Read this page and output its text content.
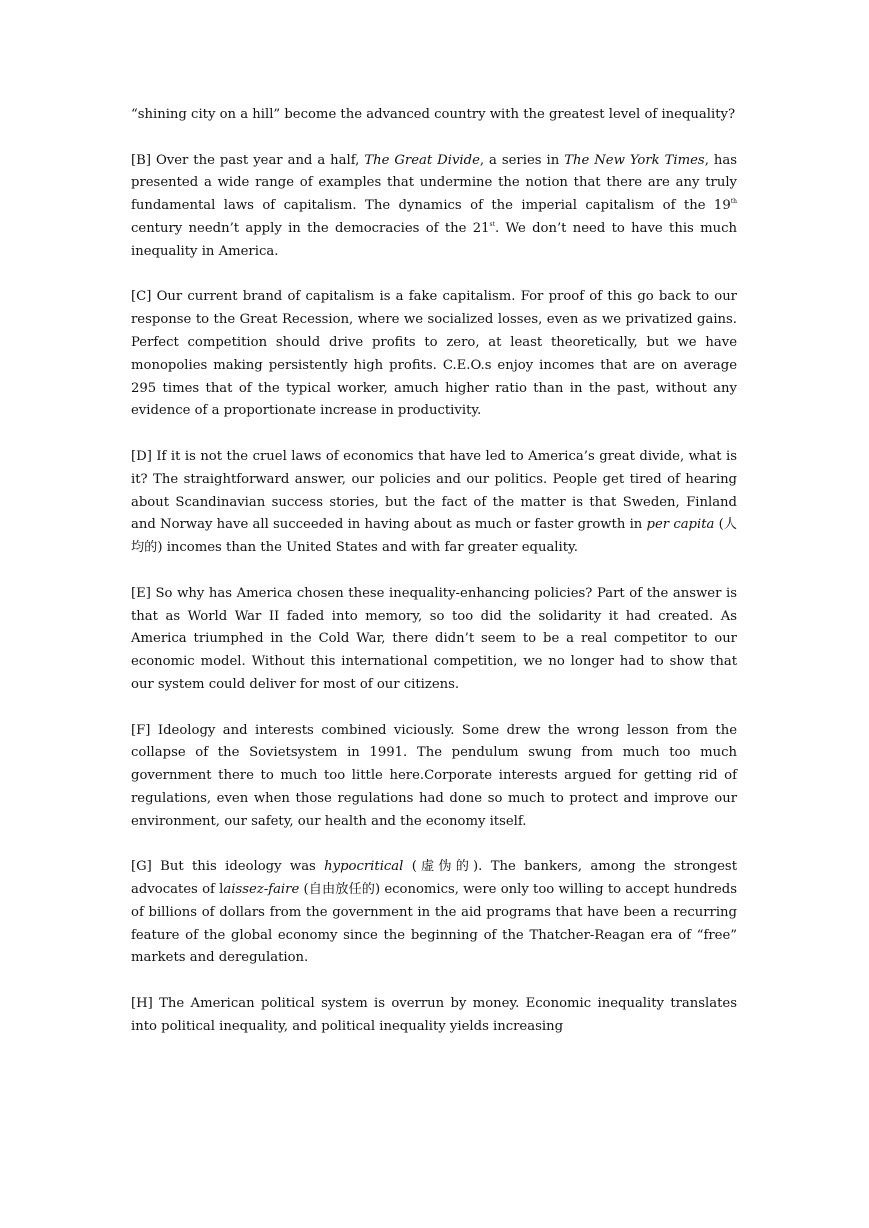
“shining city on a hill” become the advanced country with the greatest level of inequality?

[B] Over the past year and a half, The Great Divide, a series in The New York Times, has presented a wide range of examples that undermine the notion that there are any truly fundamental laws of capitalism. The dynamics of the imperial capitalism of the 19th century needn’t apply in the democracies of the 21st. We don’t need to have this much inequality in America.

[C] Our current brand of capitalism is a fake capitalism. For proof of this go back to our response to the Great Recession, where we socialized losses, even as we privatized gains. Perfect competition should drive profits to zero, at least theoretically, but we have monopolies making persistently high profits. C.E.O.s enjoy incomes that are on average 295 times that of the typical worker, amuch higher ratio than in the past, without any evidence of a proportionate increase in productivity.

[D] If it is not the cruel laws of economics that have led to America’s great divide, what is it? The straightforward answer, our policies and our politics. People get tired of hearing about Scandinavian success stories, but the fact of the matter is that Sweden, Finland and Norway have all succeeded in having about as much or faster growth in per capita (人均的) incomes than the United States and with far greater equality.

[E] So why has America chosen these inequality-enhancing policies? Part of the answer is that as World War II faded into memory, so too did the solidarity it had created. As America triumphed in the Cold War, there didn’t seem to be a real competitor to our economic model. Without this international competition, we no longer had to show that our system could deliver for most of our citizens.

[F] Ideology and interests combined viciously. Some drew the wrong lesson from the collapse of the Sovietsystem in 1991. The pendulum swung from much too much government there to much too little here.Corporate interests argued for getting rid of regulations, even when those regulations had done so much to protect and improve our environment, our safety, our health and the economy itself.

[G] But this ideology was hypocritical (虚伪的). The bankers, among the strongest advocates of laissez-faire (自由放任的) economics, were only too willing to accept hundreds of billions of dollars from the government in the aid programs that have been a recurring feature of the global economy since the beginning of the Thatcher-Reagan era of “free” markets and deregulation.

[H] The American political system is overrun by money. Economic inequality translates into political inequality, and political inequality yields increasing
